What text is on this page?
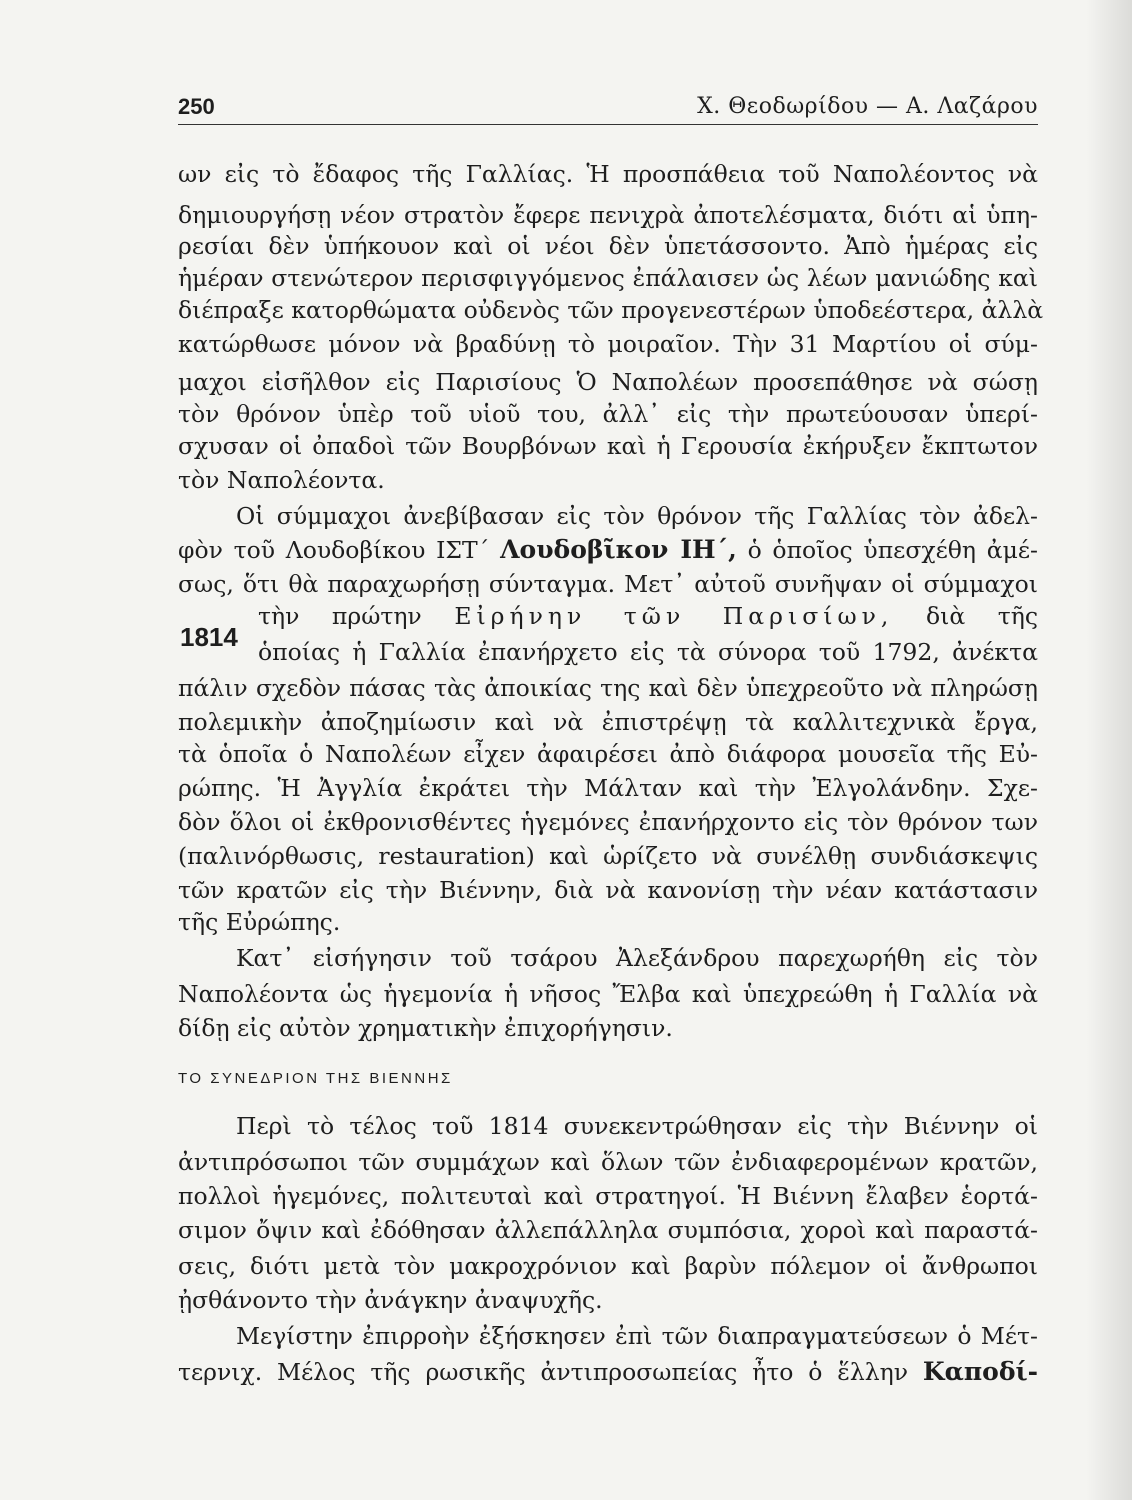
250	Χ. Θεοδωρίδου — Α. Λαζάρου
ων εἰς τὸ ἔδαφος τῆς Γαλλίας. Ἡ προσπάθεια τοῦ Ναπολέοντος νὰ
δημιουργήσῃ νέον στρατὸν ἔφερε πενιχρὰ ἀποτελέσματα, διότι αἱ ὑπη-
ρεσίαι δὲν ὑπήκουον καὶ οἱ νέοι δὲν ὑπετάσσοντο. Ἀπὸ ἡμέρας εἰς
ἡμέραν στενώτερον περισφιγγόμενος ἐπάλαισεν ὡς λέων μανιώδης καὶ
διέπραξε κατορθώματα οὐδενὸς τῶν προγενεστέρων ὑποδεέστερα, ἀλλὰ
κατώρθωσε μόνον νὰ βραδύνῃ τὸ μοιραῖον. Τὴν 31 Μαρτίου οἱ σύμ-
μαχοι εἰσῆλθον εἰς Παρισίους Ὁ Ναπολέων προσεπάθησε νὰ σώσῃ
τὸν θρόνον ὑπὲρ τοῦ υἱοῦ του, ἀλλ᾽ εἰς τὴν πρωτεύουσαν ὑπερί-
σχυσαν οἱ ὀπαδοὶ τῶν Βουρβόνων καὶ ἡ Γερουσία ἐκήρυξεν ἔκπτωτον
τὸν Ναπολέοντα.
Οἱ σύμμαχοι ἀνεβίβασαν εἰς τὸν θρόνον τῆς Γαλλίας τὸν ἀδελ-
φὸν τοῦ Λουδοβίκου ΙΣΤ΄ Λουδοβῖκον ΙΗ΄, ὁ ὁποῖος ὑπεσχέθη ἀμέ-
σως, ὅτι θὰ παραχωρήσῃ σύνταγμα. Μετ᾽ αὐτοῦ συνῆψαν οἱ σύμμαχοι
1814
τὴν πρώτην Εἰρήνην τῶν Παρισίων, διὰ τῆς
ὁποίας ἡ Γαλλία ἐπανήρχετο εἰς τὰ σύνορα τοῦ 1792, ἀνέκτα
πάλιν σχεδὸν πάσας τὰς ἀποικίας της καὶ δὲν ὑπεχρεοῦτο νὰ πληρώσῃ
πολεμικὴν ἀποζημίωσιν καὶ νὰ ἐπιστρέψῃ τὰ καλλιτεχνικὰ ἔργα,
τὰ ὁποῖα ὁ Ναπολέων εἶχεν ἀφαιρέσει ἀπὸ διάφορα μουσεῖα τῆς Εὐ-
ρώπης. Ἡ Ἀγγλία ἐκράτει τὴν Μάλταν καὶ τὴν Ἐλγολάνδην. Σχε-
δὸν ὅλοι οἱ ἐκθρονισθέντες ἡγεμόνες ἐπανήρχοντο εἰς τὸν θρόνον των
(παλινόρθωσις, restauration) καὶ ὡρίζετο νὰ συνέλθῃ συνδιάσκεψις
τῶν κρατῶν εἰς τὴν Βιέννην, διὰ νὰ κανονίσῃ τὴν νέαν κατάστασιν
τῆς Εὐρώπης.
Κατ᾽ εἰσήγησιν τοῦ τσάρου Ἀλεξάνδρου παρεχωρήθη εἰς τὸν
Ναπολέοντα ὡς ἡγεμονία ἡ νῆσος Ἔλβα καὶ ὑπεχρεώθη ἡ Γαλλία νὰ
δίδῃ εἰς αὐτὸν χρηματικὴν ἐπιχορήγησιν.
ΤΟ ΣΥΝΕΔΡΙΟΝ ΤΗΣ ΒΙΕΝΝΗΣ
Περὶ τὸ τέλος τοῦ 1814 συνεκεντρώθησαν εἰς τὴν Βιέννην οἱ
ἀντιπρόσωποι τῶν συμμάχων καὶ ὅλων τῶν ἐνδιαφερομένων κρατῶν,
πολλοὶ ἡγεμόνες, πολιτευταὶ καὶ στρατηγοί. Ἡ Βιέννη ἔλαβεν ἑορτά-
σιμον ὄψιν καὶ ἐδόθησαν ἀλλεπάλληλα συμπόσια, χοροὶ καὶ παραστά-
σεις, διότι μετὰ τὸν μακροχρόνιον καὶ βαρὺν πόλεμον οἱ ἄνθρωποι
ᾐσθάνοντο τὴν ἀνάγκην ἀναψυχῆς.
Μεγίστην ἐπιρροὴν ἐξήσκησεν ἐπὶ τῶν διαπραγματεύσεων ὁ Μέτ-
τερνιχ. Μέλος τῆς ρωσικῆς ἀντιπροσωπείας ἦτο ὁ ἕλλην Καποδί-
